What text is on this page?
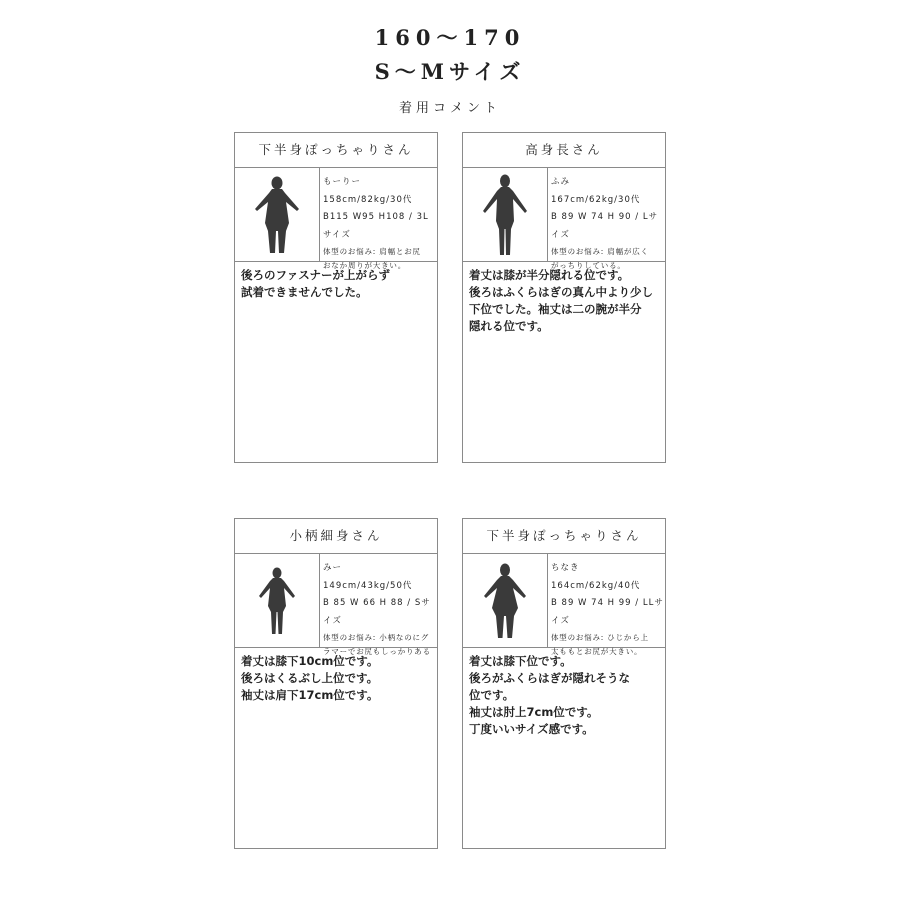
160～170
S～Mサイズ
着用コメント
下半身ぽっちゃりさん
もーりー
158cm/82kg/30代
B115 W95 H108 / 3Lサイズ
体型のお悩み: 肩幅とお尻
おなか周りが大きい。
後ろのファスナーが上がらず
試着できませんでした。
高身長さん
ふみ
167cm/62kg/30代
B 89 W 74 H 90 / Lサイズ
体型のお悩み: 肩幅が広く
がっちりしている。
着丈は膝が半分隠れる位です。
後ろはふくらはぎの真ん中より少し
下位でした。袖丈は二の腕が半分
隠れる位です。
小柄細身さん
みー
149cm/43kg/50代
B 85 W 66 H 88 / Sサイズ
体型のお悩み: 小柄なのにグ
ラマーでお尻もしっかりある
着丈は膝下10cm位です。
後ろはくるぶし上位です。
袖丈は肩下17cm位です。
下半身ぽっちゃりさん
ちなき
164cm/62kg/40代
B 89 W 74 H 99 / LLサイズ
体型のお悩み: ひじから上
太ももとお尻が大きい。
着丈は膝下位です。
後ろがふくらはぎが隠れそうな
位です。
袖丈は肘上7cm位です。
丁度いいサイズ感です。
